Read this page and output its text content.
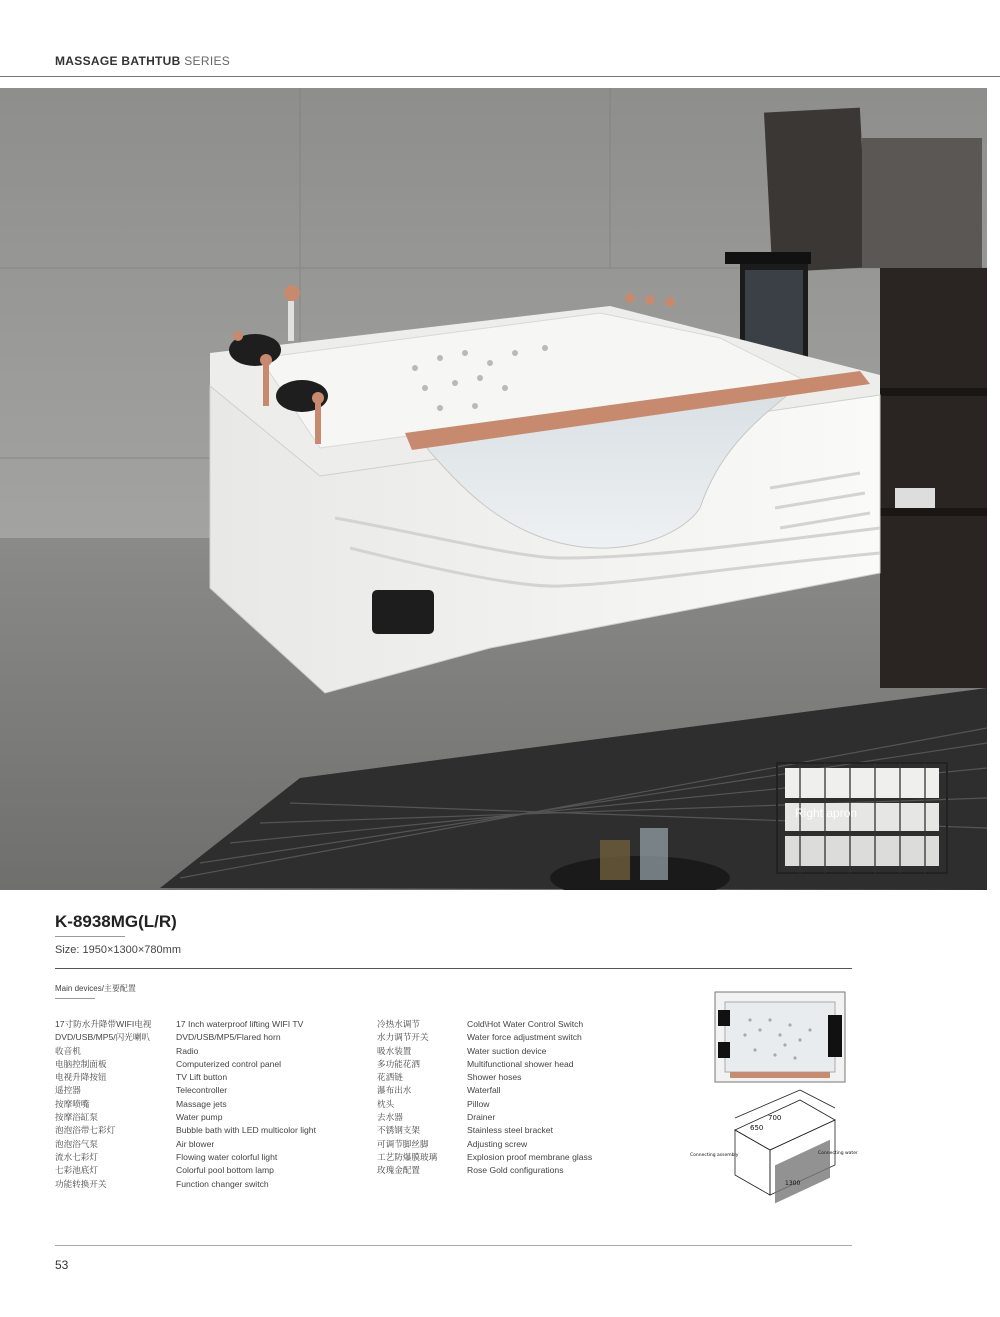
MASSAGE BATHTUB SERIES
Right apron
K-8938MG(L/R)
Size: 1950×1300×780mm
Main devices/主要配置
17寸防水升降带WIFI电视
DVD/USB/MP5/闪光喇叭
收音机
电脑控制面板
电视升降按钮
遥控器
按摩喷嘴
按摩浴缸泵
泡泡浴带七彩灯
泡泡浴气泵
流水七彩灯
七彩池底灯
功能转换开关
17 Inch waterproof lifting WIFI TV
DVD/USB/MP5/Flared horn
Radio
Computerized control panel
TV Lift button
Telecontroller
Massage jets
Water pump
Bubble bath with LED multicolor light
Air blower
Flowing water colorful light
Colorful pool bottom lamp
Function changer switch
冷热水调节
水力调节开关
吸水装置
多功能花洒
花洒链
瀑布出水
枕头
去水器
不锈钢支架
可调节脚丝脚
工艺防爆膜玻璃
玫瑰金配置
Cold\Hot Water Control Switch
Water force adjustment switch
Water suction device
Multifunctional shower head
Shower hoses
Waterfall
Pillow
Drainer
Stainless steel bracket
Adjusting screw
Explosion proof membrane glass
Rose Gold configurations
650
700
1300
Connecting assembly	Connecting water
53
